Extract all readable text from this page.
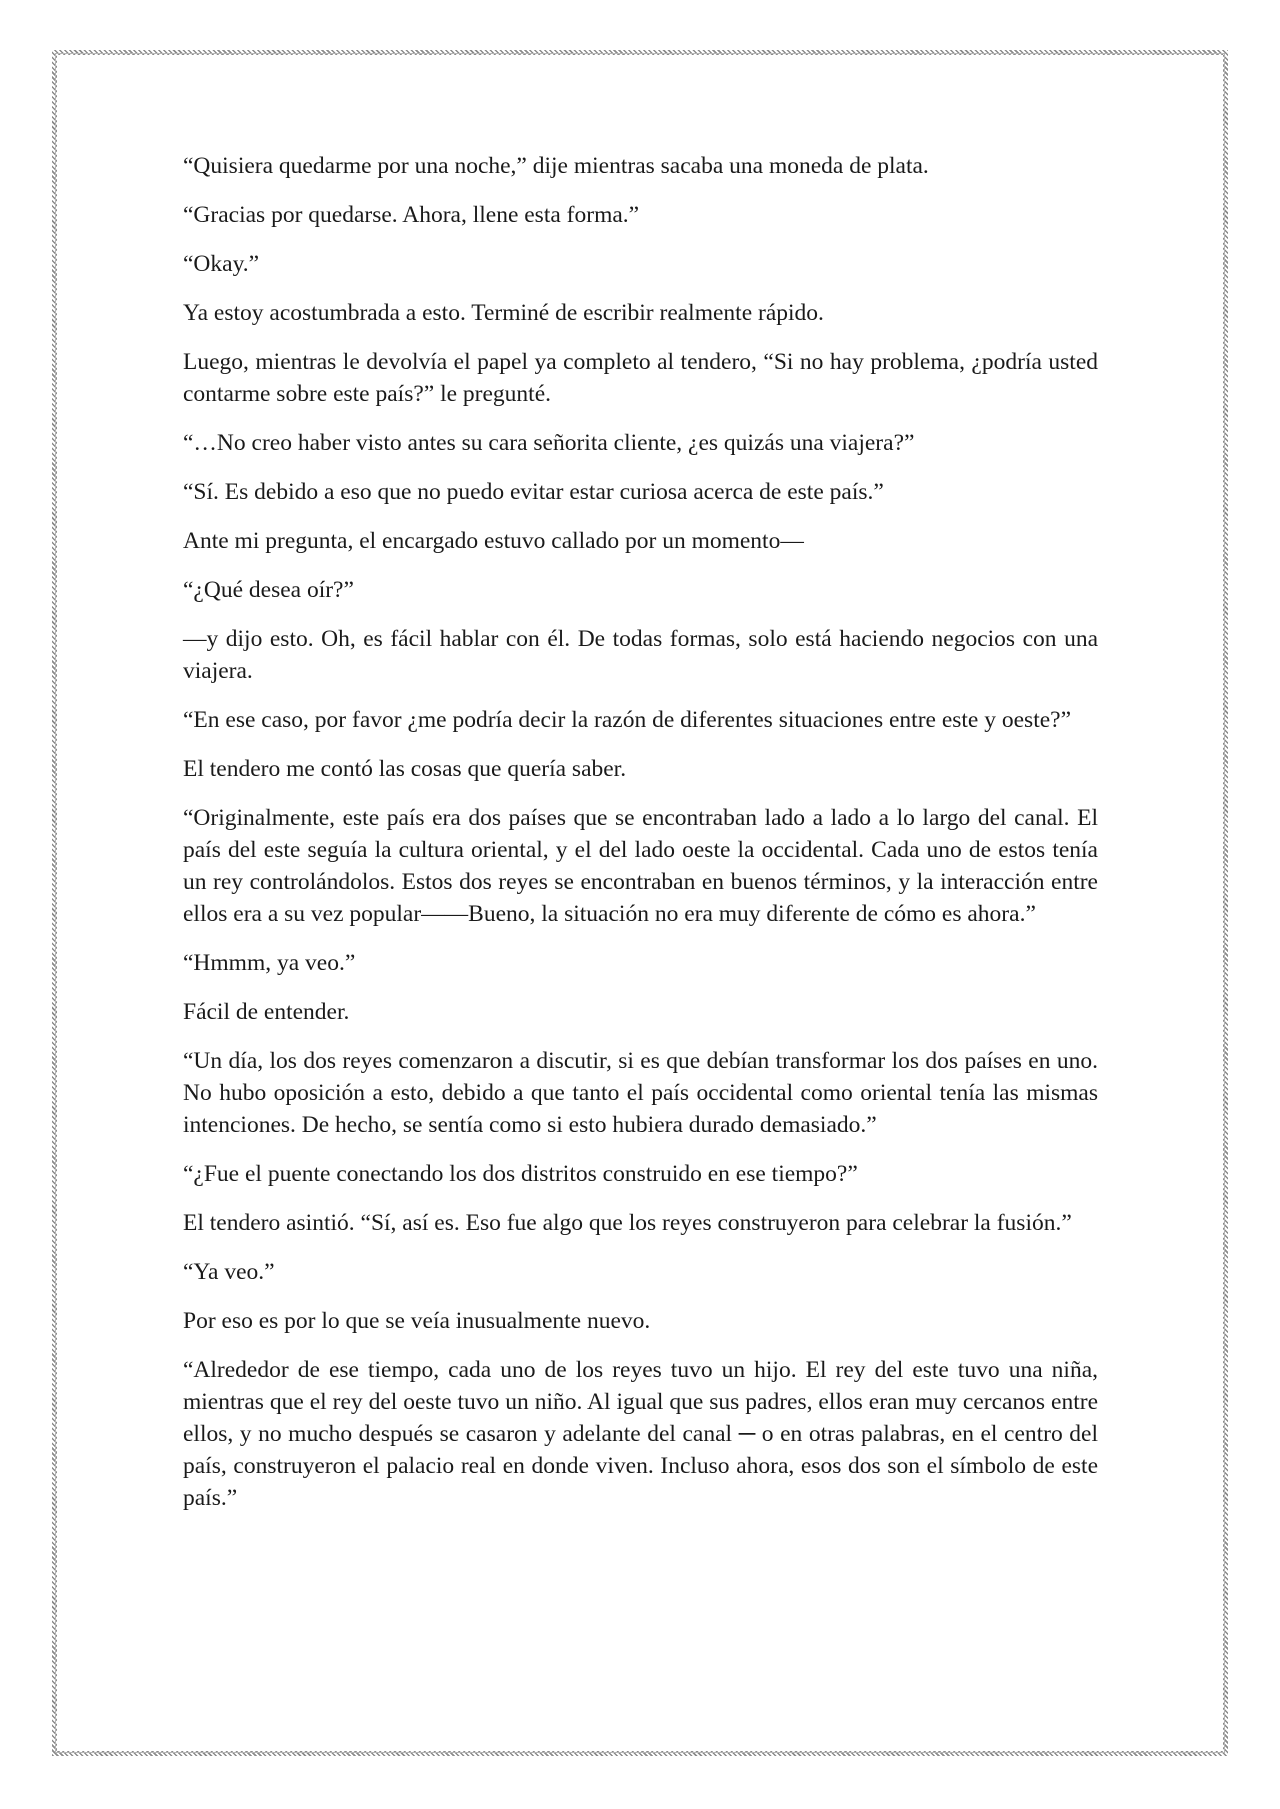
“Quisiera quedarme por una noche,” dije mientras sacaba una moneda de plata.

“Gracias por quedarse. Ahora, llene esta forma.”

“Okay.”

Ya estoy acostumbrada a esto. Terminé de escribir realmente rápido.

Luego, mientras le devolvía el papel ya completo al tendero, “Si no hay problema, ¿podría usted contarme sobre este país?” le pregunté.

“…No creo haber visto antes su cara señorita cliente, ¿es quizás una viajera?”

“Sí. Es debido a eso que no puedo evitar estar curiosa acerca de este país.”

Ante mi pregunta, el encargado estuvo callado por un momento—

“¿Qué desea oír?”

—y dijo esto. Oh, es fácil hablar con él. De todas formas, solo está haciendo negocios con una viajera.

“En ese caso, por favor ¿me podría decir la razón de diferentes situaciones entre este y oeste?”

El tendero me contó las cosas que quería saber.

“Originalmente, este país era dos países que se encontraban lado a lado a lo largo del canal. El país del este seguía la cultura oriental, y el del lado oeste la occidental. Cada uno de estos tenía un rey controlándolos. Estos dos reyes se encontraban en buenos términos, y la interacción entre ellos era a su vez popular——Bueno, la situación no era muy diferente de cómo es ahora.”

“Hmmm, ya veo.”

Fácil de entender.

“Un día, los dos reyes comenzaron a discutir, si es que debían transformar los dos países en uno. No hubo oposición a esto, debido a que tanto el país occidental como oriental tenía las mismas intenciones. De hecho, se sentía como si esto hubiera durado demasiado.”

“¿Fue el puente conectando los dos distritos construido en ese tiempo?”

El tendero asintió. “Sí, así es. Eso fue algo que los reyes construyeron para celebrar la fusión.”

“Ya veo.”

Por eso es por lo que se veía inusualmente nuevo.

“Alrededor de ese tiempo, cada uno de los reyes tuvo un hijo. El rey del este tuvo una niña, mientras que el rey del oeste tuvo un niño. Al igual que sus padres, ellos eran muy cercanos entre ellos, y no mucho después se casaron y adelante del canal ─ o en otras palabras, en el centro del país, construyeron el palacio real en donde viven. Incluso ahora, esos dos son el símbolo de este país.”
